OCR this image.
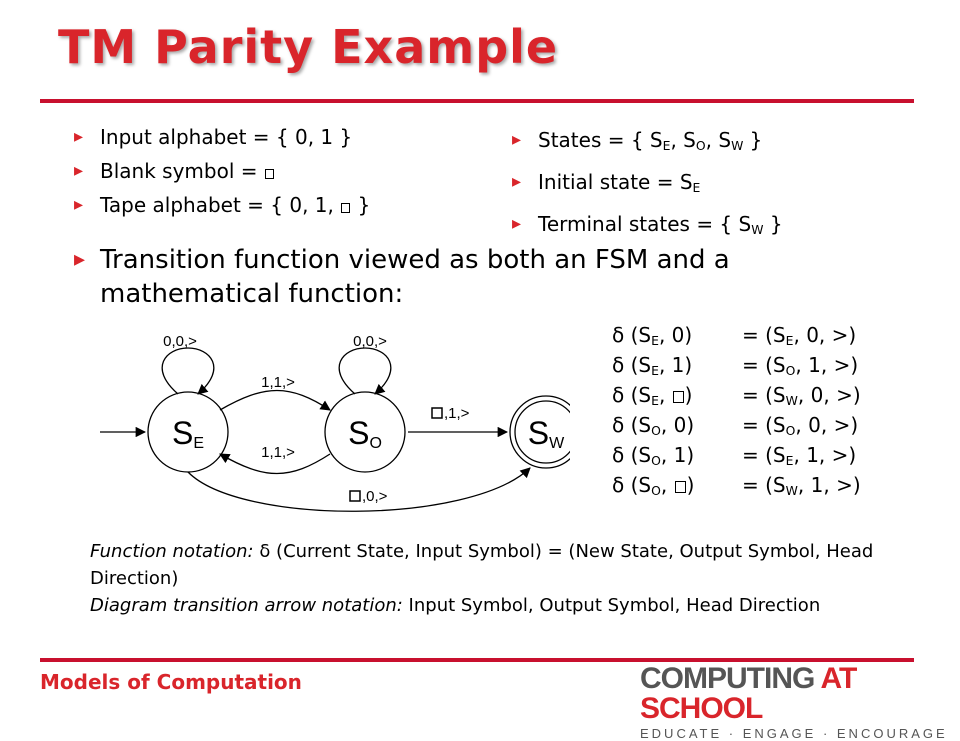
TM Parity Example
▸ Input alphabet = { 0, 1 }
▸ Blank symbol =
▸ Tape alphabet = { 0, 1,  }
▸ States = { $S_E$, $S_O$, $S_W$ }
▸ Initial state = $S_E$
▸ Terminal states = { $S_W$ }
▸ Transition function viewed as both an FSM and a mathematical function:
SE	SO	SW
0,0,>	0,0,>
1,1,>
1,1,>
,1,>
,0,>
δ ($S_E$, $0) = (S_E$, 0, >)
δ ($S_E$, $1) = (S_O$, 1, >)
δ ($S_E$, ) = ($S_W$, 0, >)
δ ($S_O$, $0) = (S_O$, 0, >)
δ ($S_O$, $1) = (S_E$, 1, >)
δ ($S_O$, ) = ($S_W$, 1, >)
Function notation: δ (Current State, Input Symbol) = (New State, Output Symbol, Head Direction)
Diagram transition arrow notation: Input Symbol, Output Symbol, Head Direction
Models of Computation	COMPUTING AT SCHOOL
EDUCATE · ENGAGE · ENCOURAGE
